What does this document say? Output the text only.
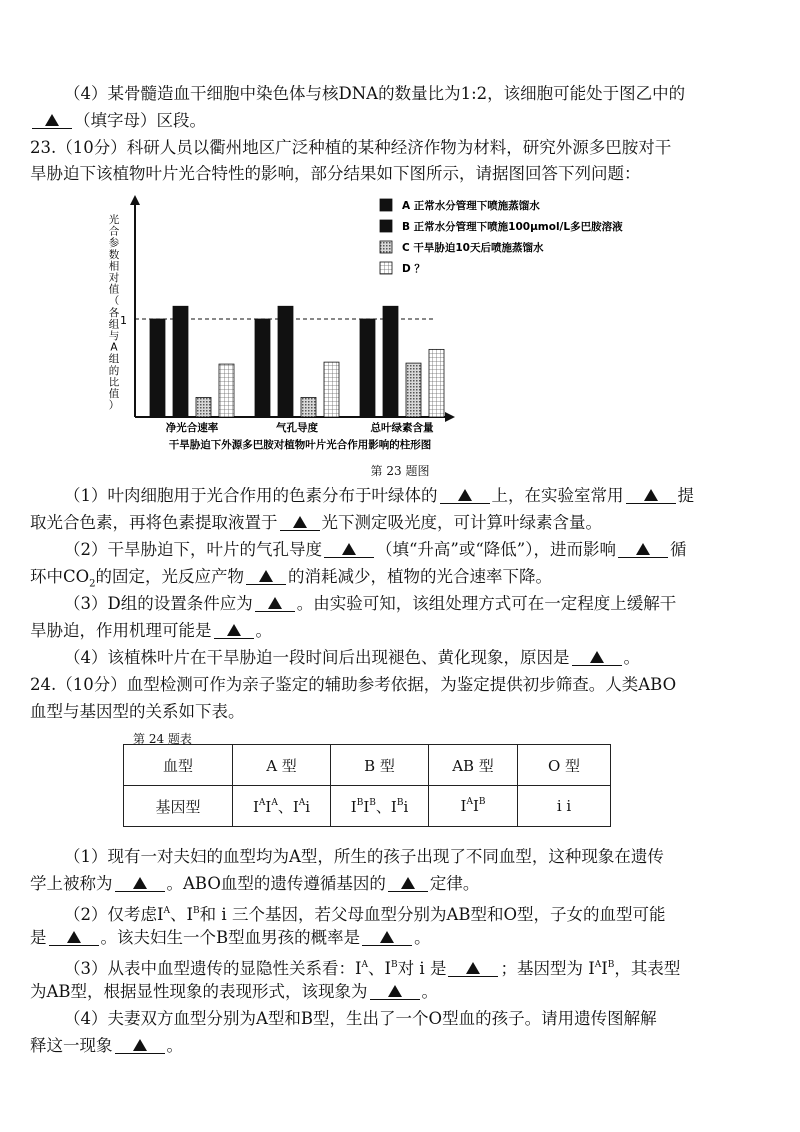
（4）某骨髓造血干细胞中染色体与核DNA的数量比为1:2，该细胞可能处于图乙中的
（填字母）区段。
23.（10分）科研人员以衢州地区广泛种植的某种经济作物为材料，研究外源多巴胺对干
旱胁迫下该植物叶片光合特性的影响，部分结果如下图所示，请据图回答下列问题：
1
光
合
参
数
相
对
值
（
各
组
与
A
组
的
比
值
）
净光合速率	气孔导度	总叶绿素含量
干旱胁迫下外源多巴胺对植物叶片光合作用影响的柱形图
A 正常水分管理下喷施蒸馏水
B 正常水分管理下喷施100μmol/L多巴胺溶液
C 干旱胁迫10天后喷施蒸馏水
D ？
第 23 题图
（1）叶肉细胞用于光合作用的色素分布于叶绿体的	上，在实验室常用	提
取光合色素，再将色素提取液置于	光下测定吸光度，可计算叶绿素含量。
（2）干旱胁迫下，叶片的气孔导度	（填“升高”或“降低”），进而影响	循
环中$CO_2$的固定，光反应产物	的消耗减少，植物的光合速率下降。
（3）D组的设置条件应为	。由实验可知，该组处理方式可在一定程度上缓解干
旱胁迫，作用机理可能是	。
（4）该植株叶片在干旱胁迫一段时间后出现褪色、黄化现象，原因是	。
24.（10分）血型检测可作为亲子鉴定的辅助参考依据，为鉴定提供初步筛查。人类ABO
血型与基因型的关系如下表。
第 24 题表
血型	A 型	B 型	AB 型	O 型
基因型	$I^AI^A$、$I^Ai$	$I^BI^B$、$I^Bi$	$I^AI^B$	i i
（1）现有一对夫妇的血型均为A型，所生的孩子出现了不同血型，这种现象在遗传
学上被称为	。ABO血型的遗传遵循基因的	定律。
（2）仅考虑$I^A$、$I^B$和 i 三个基因，若父母血型分别为AB型和O型，子女的血型可能
是	。该夫妇生一个B型血男孩的概率是	。
（3）从表中血型遗传的显隐性关系看：$I^A$、$I^B$对 i 是	；基因型为 $I^AI^B$，其表型
为AB型，根据显性现象的表现形式，该现象为	。
（4）夫妻双方血型分别为A型和B型，生出了一个O型血的孩子。请用遗传图解解
释这一现象	。
